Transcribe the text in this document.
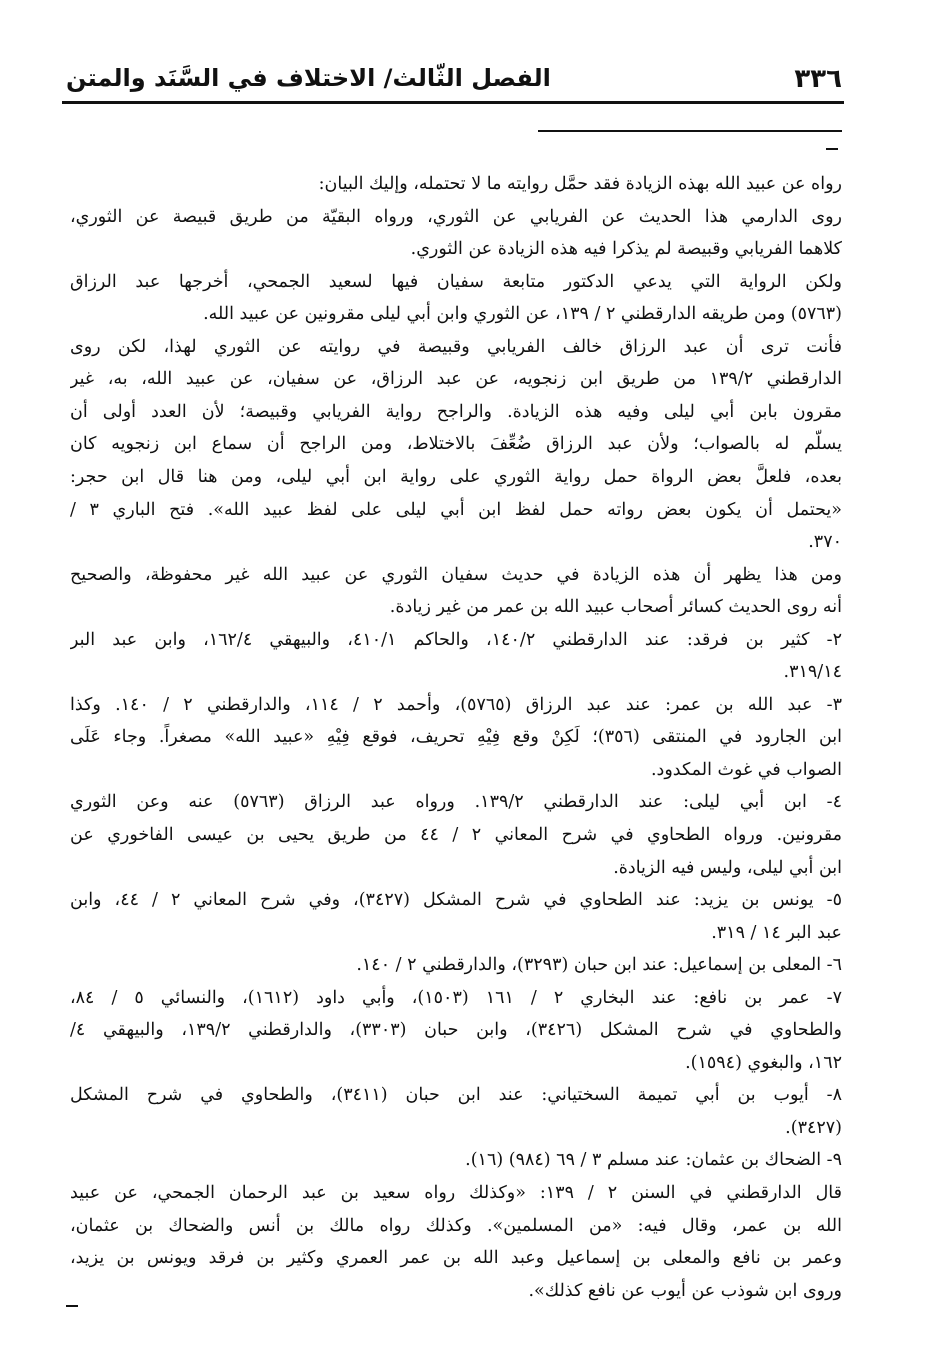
٣٣٦
الفصل الثّالث/ الاختلاف في السَّنَد والمتن
رواه عن عبيد الله بهذه الزيادة فقد حمَّل روايته ما لا تحتمله، وإليك البيان:
روى الدارمي هذا الحديث عن الفريابي عن الثوري، ورواه البقيّة من طريق قبيصة عن الثوري،
كلاهما الفريابي وقبيصة لم يذكرا فيه هذه الزيادة عن الثوري.
ولكن الرواية التي يدعي الدكتور متابعة سفيان فيها لسعيد الجمحي، أخرجها عبد الرزاق
(٥٧٦٣) ومن طريقه الدارقطني ٢ / ١٣٩، عن الثوري وابن أبي ليلى مقرونين عن عبيد الله.
فأنت ترى أن عبد الرزاق خالف الفريابي وقبيصة في روايته عن الثوري لهذا، لكن روى
الدارقطني ١٣٩/٢ من طريق ابن زنجويه، عن عبد الرزاق، عن سفيان، عن عبيد الله، به، غير
مقرون بابن أبي ليلى وفيه هذه الزيادة. والراجح رواية الفريابي وقبيصة؛ لأن العدد أولى أن
يسلّم له بالصواب؛ ولأن عبد الرزاق ضُعِّفَ بالاختلاط، ومن الراجح أن سماع ابن زنجويه كان
بعده، فلعلَّ بعض الرواة حمل رواية الثوري على رواية ابن أبي ليلى، ومن هنا قال ابن حجر:
«يحتمل أن يكون بعض رواته حمل لفظ ابن أبي ليلى على لفظ عبيد الله». فتح الباري ٣ /
٣٧٠.
ومن هذا يظهر أن هذه الزيادة في حديث سفيان الثوري عن عبيد الله غير محفوظة، والصحيح
أنه روى الحديث كسائر أصحاب عبيد الله بن عمر من غير زيادة.
٢- كثير بن فرقد: عند الدارقطني ١٤٠/٢، والحاكم ٤١٠/١، والبيهقي ١٦٢/٤، وابن عبد البر
٣١٩/١٤.
٣- عبد الله بن عمر: عند عبد الرزاق (٥٧٦٥)، وأحمد ٢ / ١١٤، والدارقطني ٢ / ١٤٠. وكذا
ابن الجارود في المنتقى (٣٥٦)؛ لَكِنْ وقع فِيْهِ تحريف، فوقع فِيْهِ «عبيد الله» مصغراً. وجاء عَلَى
الصواب في غوث المكدود.
٤- ابن أبي ليلى: عند الدارقطني ١٣٩/٢. ورواه عبد الرزاق (٥٧٦٣) عنه وعن الثوري
مقرونين. ورواه الطحاوي في شرح المعاني ٢ / ٤٤ من طريق يحيى بن عيسى الفاخوري عن
ابن أبي ليلى، وليس فيه الزيادة.
٥- يونس بن يزيد: عند الطحاوي في شرح المشكل (٣٤٢٧)، وفي شرح المعاني ٢ / ٤٤، وابن
عبد البر ١٤ / ٣١٩.
٦- المعلى بن إسماعيل: عند ابن حبان (٣٢٩٣)، والدارقطني ٢ / ١٤٠.
٧- عمر بن نافع: عند البخاري ٢ / ١٦١ (١٥٠٣)، وأبي داود (١٦١٢)، والنسائي ٥ / ٨٤،
والطحاوي في شرح المشكل (٣٤٢٦)، وابن حبان (٣٣٠٣)، والدارقطني ١٣٩/٢، والبيهقي ٤/
١٦٢، والبغوي (١٥٩٤).
٨- أيوب بن أبي تميمة السختياني: عند ابن حبان (٣٤١١)، والطحاوي في شرح المشكل
(٣٤٢٧).
٩- الضحاك بن عثمان: عند مسلم ٣ / ٦٩ (٩٨٤) (١٦).
قال الدارقطني في السنن ٢ / ١٣٩: «وكذلك رواه سعيد بن عبد الرحمان الجمحي، عن عبيد
الله بن عمر، وقال فيه: «من المسلمين». وكذلك رواه مالك بن أنس والضحاك بن عثمان،
وعمر بن نافع والمعلى بن إسماعيل وعبد الله بن عمر العمري وكثير بن فرقد ويونس بن يزيد،
وروى ابن شوذب عن أيوب عن نافع كذلك».
